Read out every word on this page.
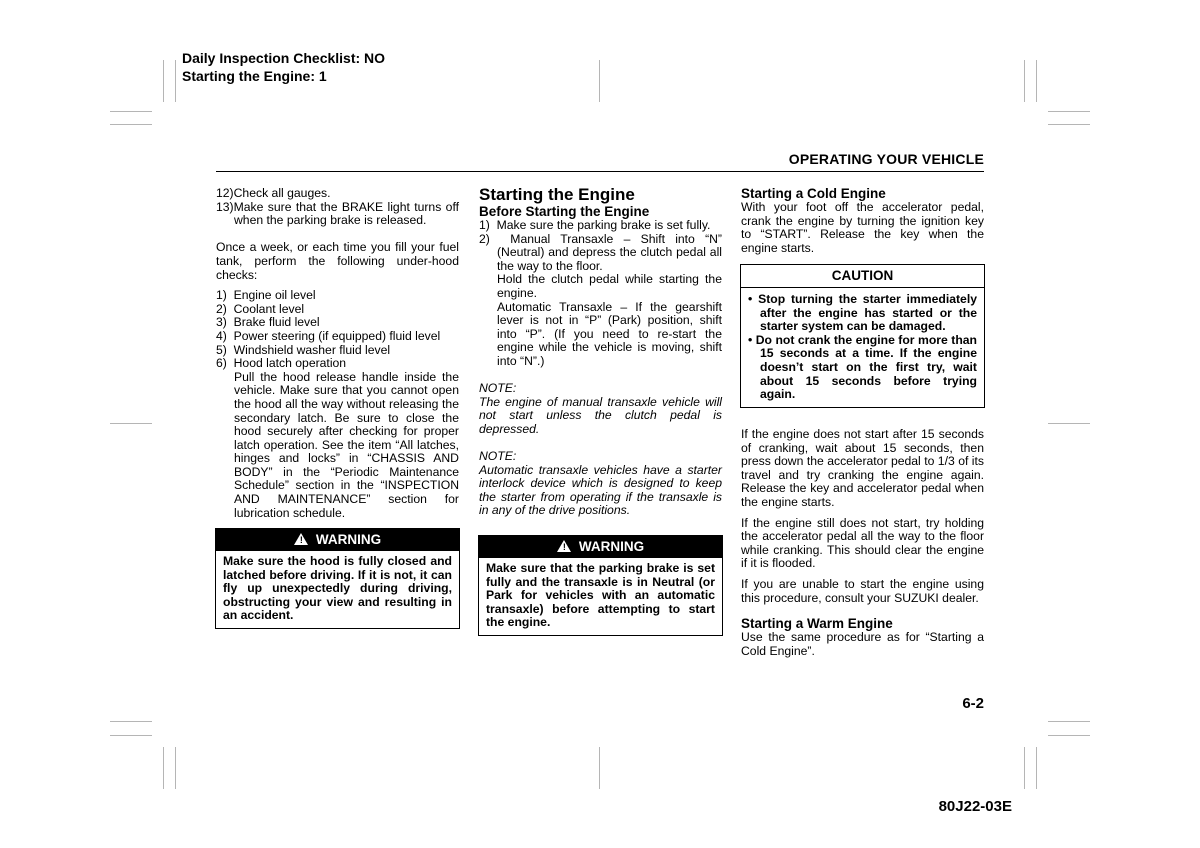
Daily Inspection Checklist: NO
Starting the Engine: 1
OPERATING YOUR VEHICLE

12)Check all gauges.

13)Make sure that the BRAKE light turns off when the parking brake is released.

Once a week, or each time you fill your fuel tank, perform the following under-hood checks:

1)  Engine oil level

2)  Coolant level

3)  Brake fluid level

4)  Power steering (if equipped) fluid level

5)  Windshield washer fluid level

6)  Hood latch operation

Pull the hood release handle inside the vehicle. Make sure that you cannot open the hood all the way without releasing the secondary latch. Be sure to close the hood securely after checking for proper latch operation. See the item “All latches, hinges and locks” in “CHASSIS AND BODY” in the “Periodic Maintenance Schedule” section in the “INSPECTION AND MAINTENANCE” section for lubrication schedule.

! WARNING
Make sure the hood is fully closed and latched before driving. If it is not, it can fly up unexpectedly during driving, obstructing your view and resulting in an accident.

Starting the Engine

Before Starting the Engine

1)  Make sure the parking brake is set fully.

2)  Manual Transaxle – Shift into “N” (Neutral) and depress the clutch pedal all the way to the floor.

Hold the clutch pedal while starting the engine.

Automatic Transaxle – If the gearshift lever is not in “P” (Park) position, shift into “P”. (If you need to re-start the engine while the vehicle is moving, shift into “N”.)

NOTE:

The engine of manual transaxle vehicle will not start unless the clutch pedal is depressed.

NOTE:

Automatic transaxle vehicles have a starter interlock device which is designed to keep the starter from operating if the transaxle is in any of the drive positions.

! WARNING
Make sure that the parking brake is set fully and the transaxle is in Neutral (or Park for vehicles with an automatic transaxle) before attempting to start the engine.

Starting a Cold Engine

With your foot off the accelerator pedal, crank the engine by turning the ignition key to “START”. Release the key when the engine starts.

CAUTION

• Stop turning the starter immediately after the engine has started or the starter system can be damaged.

• Do not crank the engine for more than 15 seconds at a time. If the engine doesn’t start on the first try, wait about 15 seconds before trying again.

If the engine does not start after 15 seconds of cranking, wait about 15 seconds, then press down the accelerator pedal to 1/3 of its travel and try cranking the engine again. Release the key and accelerator pedal when the engine starts.

If the engine still does not start, try holding the accelerator pedal all the way to the floor while cranking. This should clear the engine if it is flooded.

If you are unable to start the engine using this procedure, consult your SUZUKI dealer.

Starting a Warm Engine

Use the same procedure as for “Starting a Cold Engine”.

6-2
80J22-03E
